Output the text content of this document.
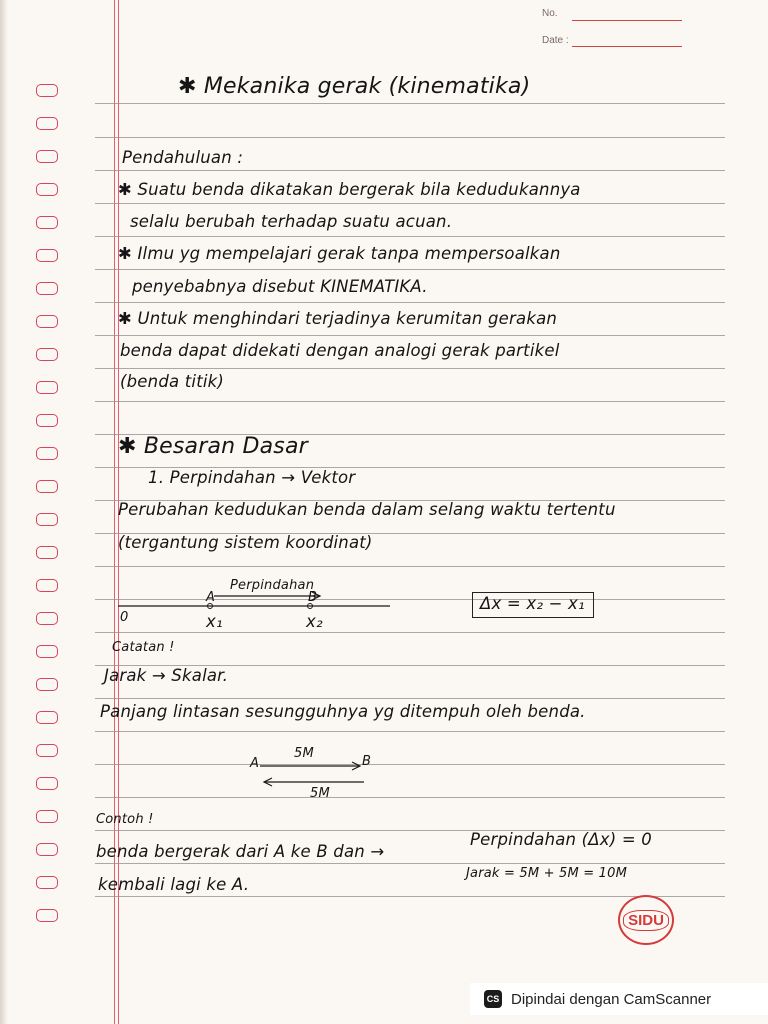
No.
Date :
✱ Mekanika gerak (kinematika)
Pendahuluan :
✱ Suatu benda dikatakan bergerak bila kedudukannya
selalu berubah terhadap suatu acuan.
✱ Ilmu yg mempelajari gerak tanpa mempersoalkan
penyebabnya disebut KINEMATIKA.
✱ Untuk menghindari terjadinya kerumitan gerakan
benda dapat didekati dengan analogi gerak partikel
(benda titik)
✱ Besaran Dasar
1. Perpindahan → Vektor
Perubahan kedudukan benda dalam selang waktu tertentu
(tergantung sistem koordinat)
Perpindahan
A	B
0	x₁	x₂
Δx = x₂ − x₁
Catatan !
Jarak → Skalar.
Panjang lintasan sesungguhnya yg ditempuh oleh benda.
A	B
5M
5M
Contoh !
benda bergerak dari A ke B dan →
Perpindahan (Δx) = 0
kembali lagi ke A.
Jarak = 5M + 5M = 10M
SIDU
CS Dipindai dengan CamScanner
